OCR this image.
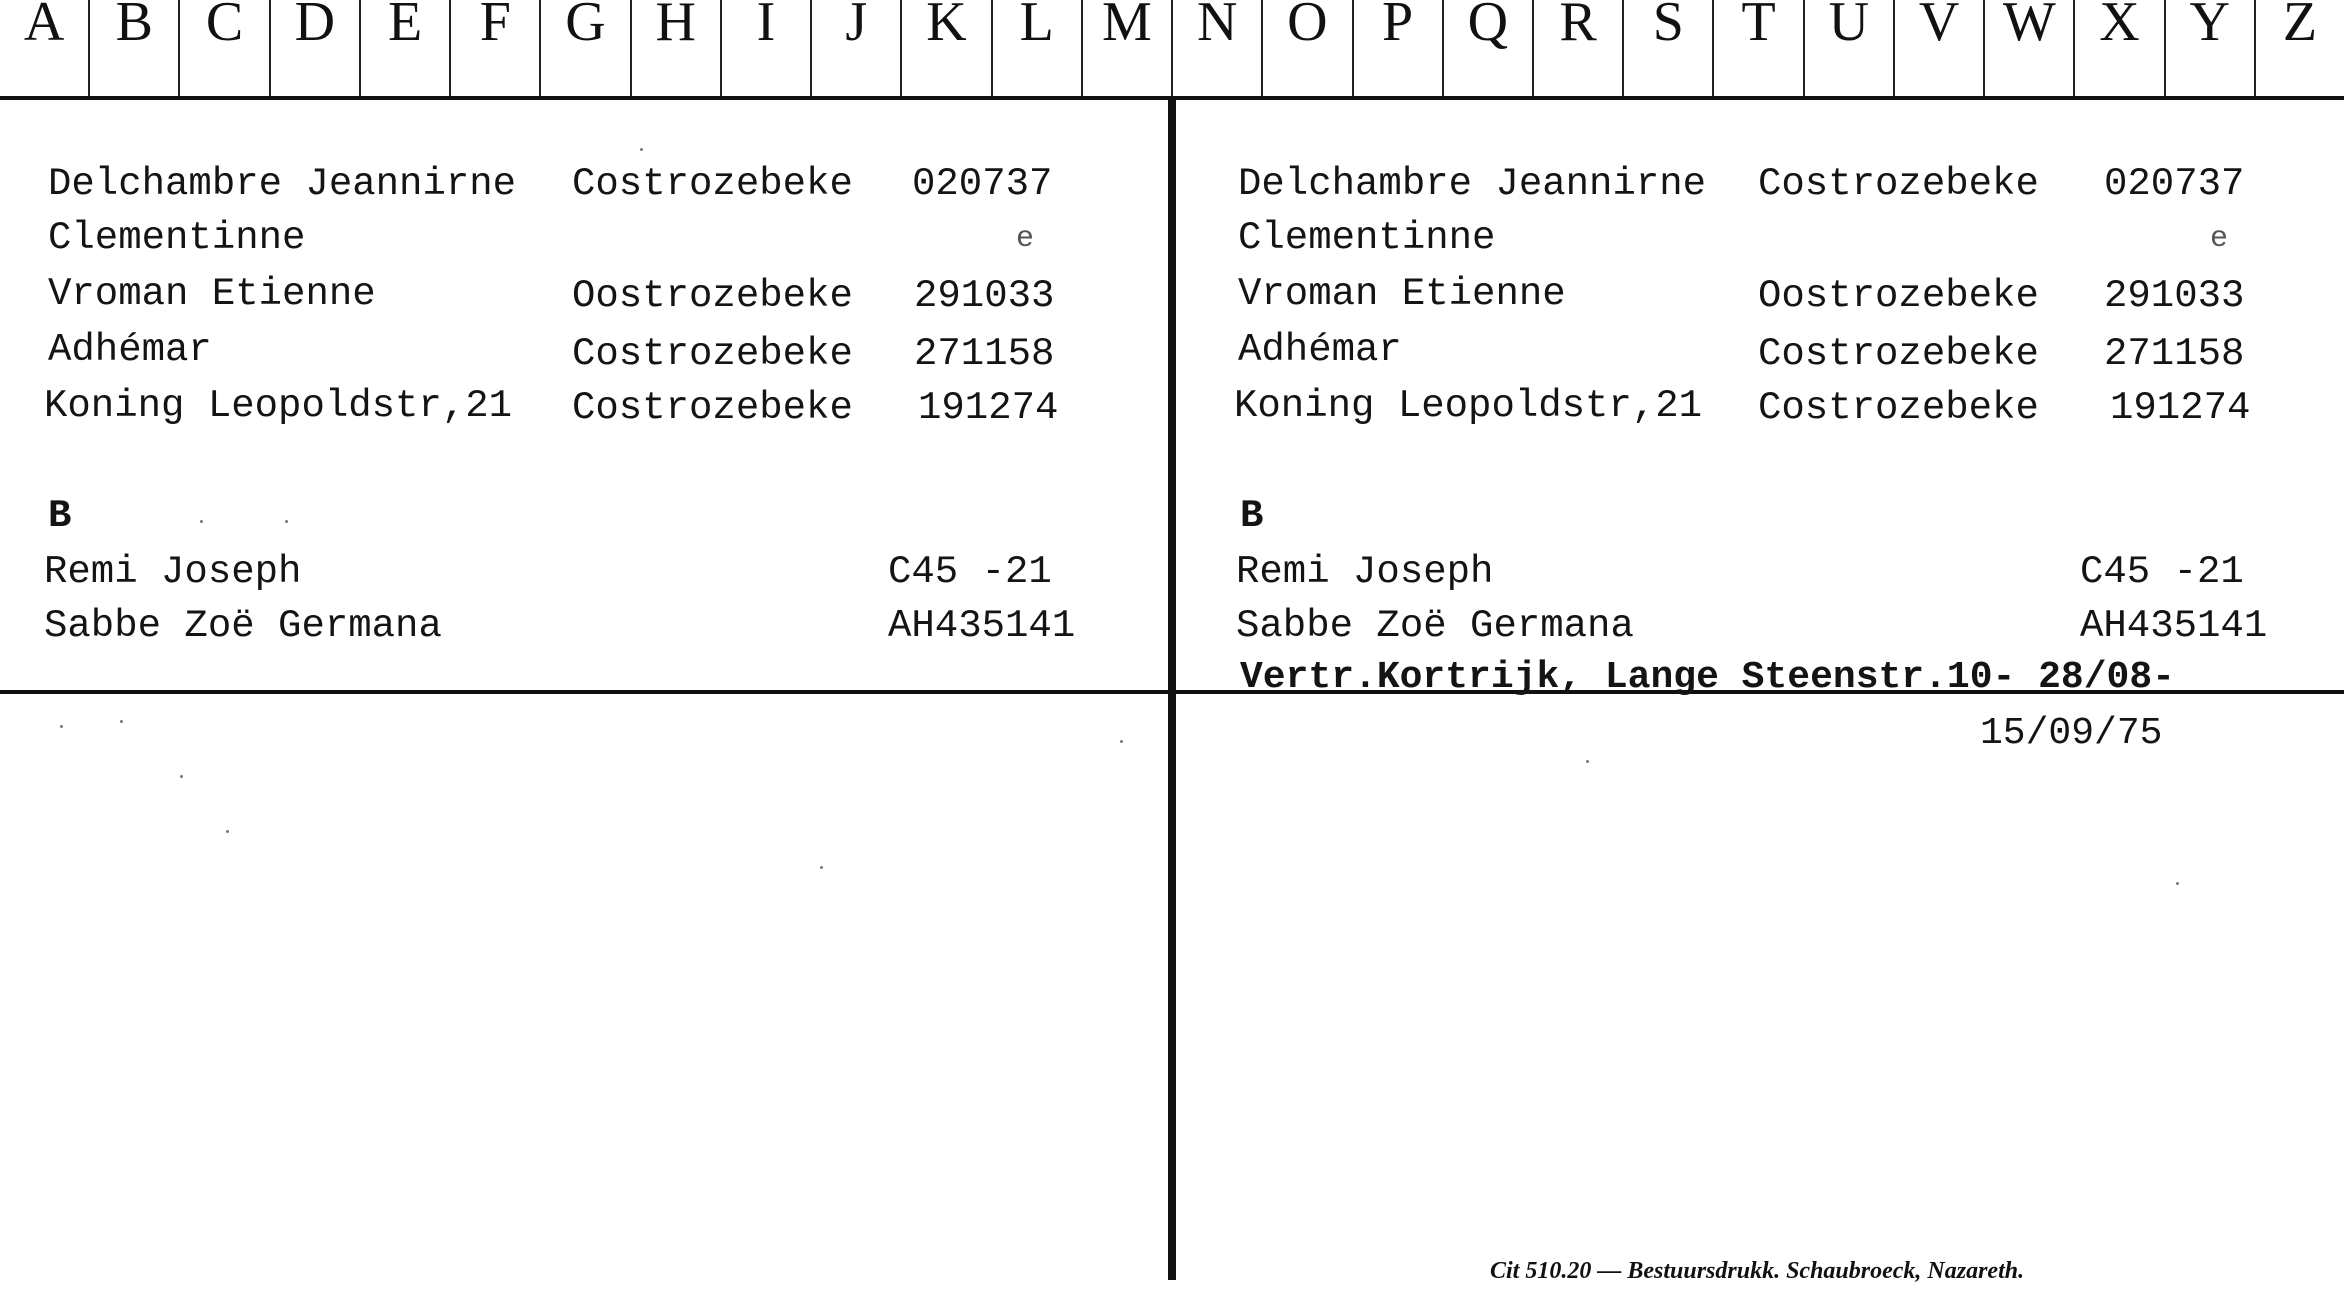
A B C D E F G H I J K L M N O P Q R S T U V W X Y Z
Delchambre Jeannirne Costrozebeke 020737
Clementinne	e
Vroman Etienne	Oostrozebeke 291033
Adhémar	Costrozebeke 271158
Koning Leopoldstr,21 Costrozebeke 191274
B
Remi Joseph	C45 -21
Sabbe Zoë Germana	AH435141
Delchambre Jeannirne Costrozebeke 020737
Clementinne	e
Vroman Etienne	Oostrozebeke 291033
Adhémar	Costrozebeke 271158
Koning Leopoldstr,21 Costrozebeke 191274
B
Remi Joseph	C45 -21
Sabbe Zoë Germana	AH435141
Vertr.Kortrijk, Lange Steenstr.10- 28/08-
15/09/75
Cit 510.20 — Bestuursdrukk. Schaubroeck, Nazareth.
